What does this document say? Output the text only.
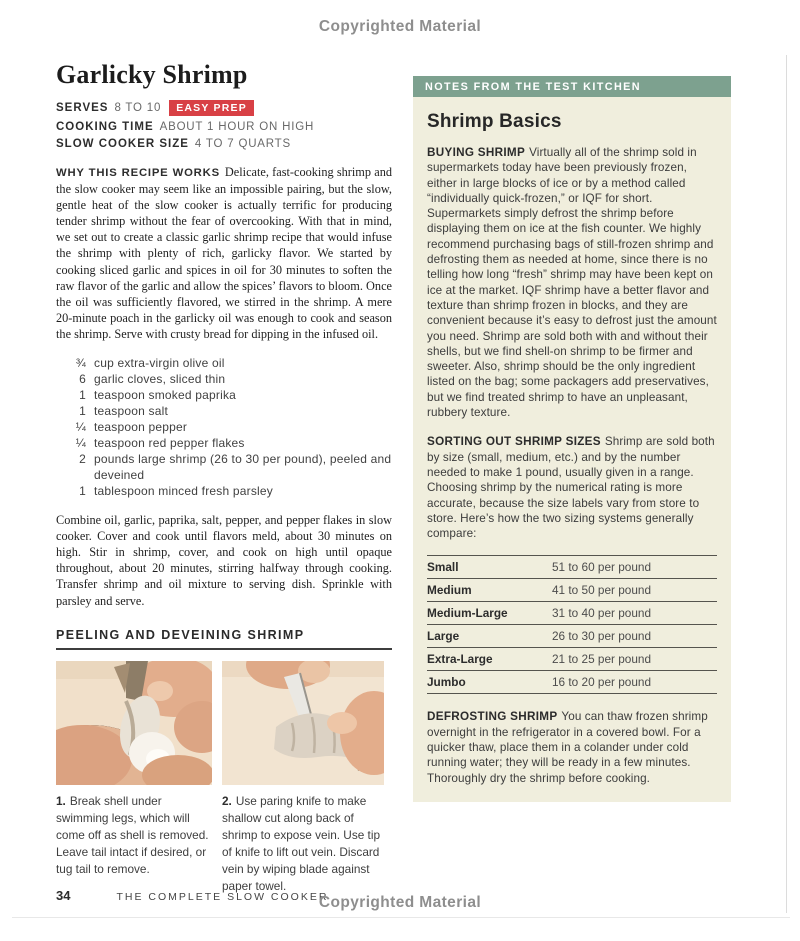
Copyrighted Material
Garlicky Shrimp
SERVES 8 TO 10	EASY PREP
COOKING TIME ABOUT 1 HOUR ON HIGH
SLOW COOKER SIZE 4 TO 7 QUARTS

WHY THIS RECIPE WORKS Delicate, fast-cooking shrimp and the slow cooker may seem like an impossible pairing, but the slow, gentle heat of the slow cooker is actually terrific for producing tender shrimp without the fear of overcooking. With that in mind, we set out to create a classic garlic shrimp recipe that would infuse the shrimp with plenty of rich, garlicky flavor. We started by cooking sliced garlic and spices in oil for 30 minutes to soften the raw flavor of the garlic and allow the spices’ flavors to bloom. Once the oil was sufficiently flavored, we stirred in the shrimp. A mere 20-minute poach in the garlicky oil was enough to cook and season the shrimp. Serve with crusty bread for dipping in the infused oil.

¾ cup extra-virgin olive oil
6 garlic cloves, sliced thin
1 teaspoon smoked paprika
1 teaspoon salt
¼ teaspoon pepper
¼ teaspoon red pepper flakes
2 pounds large shrimp (26 to 30 per pound), peeled and deveined
1 tablespoon minced fresh parsley

Combine oil, garlic, paprika, salt, pepper, and pepper flakes in slow cooker. Cover and cook until flavors meld, about 30 minutes on high. Stir in shrimp, cover, and cook on high until opaque throughout, about 20 minutes, stirring halfway through cooking. Transfer shrimp and oil mixture to serving dish. Sprinkle with parsley and serve.

PEELING AND DEVEINING SHRIMP

1. Break shell under swimming legs, which will come off as shell is removed. Leave tail intact if desired, or tug tail to remove.

2. Use paring knife to make shallow cut along back of shrimp to expose vein. Use tip of knife to lift out vein. Discard vein by wiping blade against paper towel.

NOTES FROM THE TEST KITCHEN
Shrimp Basics

BUYING SHRIMP Virtually all of the shrimp sold in supermarkets today have been previously frozen, either in large blocks of ice or by a method called “individually quick-frozen,” or IQF for short. Supermarkets simply defrost the shrimp before displaying them on ice at the fish counter. We highly recommend purchasing bags of still-frozen shrimp and defrosting them as needed at home, since there is no telling how long “fresh” shrimp may have been kept on ice at the market. IQF shrimp have a better flavor and texture than shrimp frozen in blocks, and they are convenient because it’s easy to defrost just the amount you need. Shrimp are sold both with and without their shells, but we find shell-on shrimp to be firmer and sweeter. Also, shrimp should be the only ingredient listed on the bag; some packagers add preservatives, but we find treated shrimp to have an unpleasant, rubbery texture.

SORTING OUT SHRIMP SIZES Shrimp are sold both by size (small, medium, etc.) and by the number needed to make 1 pound, usually given in a range. Choosing shrimp by the numerical rating is more accurate, because the size labels vary from store to store. Here’s how the two sizing systems generally compare:

Small	51 to 60 per pound
Medium	41 to 50 per pound
Medium-Large	31 to 40 per pound
Large	26 to 30 per pound
Extra-Large	21 to 25 per pound
Jumbo	16 to 20 per pound

DEFROSTING SHRIMP You can thaw frozen shrimp overnight in the refrigerator in a covered bowl. For a quicker thaw, place them in a colander under cold running water; they will be ready in a few minutes. Thoroughly dry the shrimp before cooking.

34	THE COMPLETE SLOW COOKER
Copyrighted Material
